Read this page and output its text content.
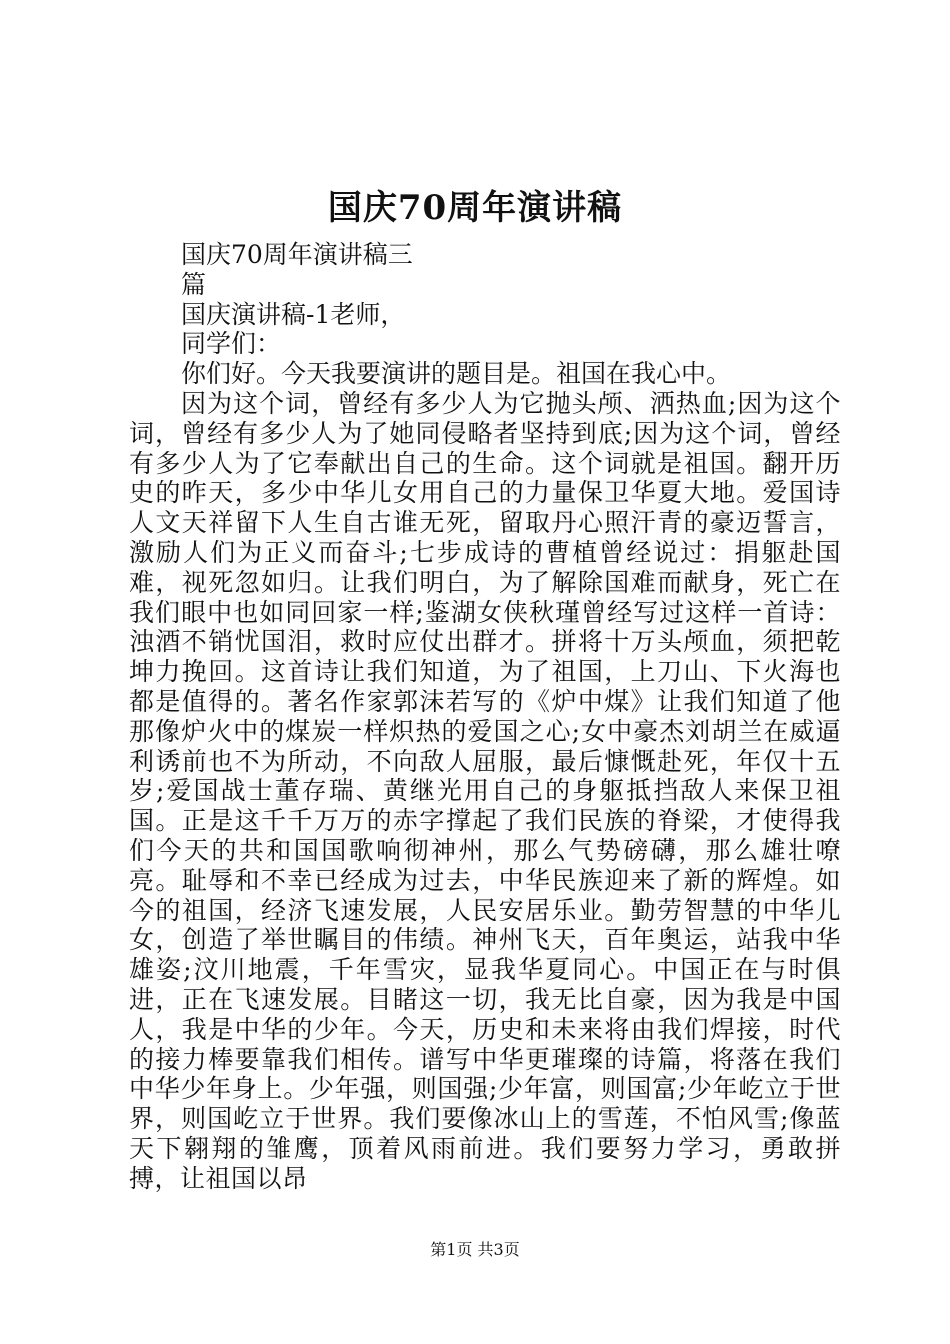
国庆70周年演讲稿
国庆70周年演讲稿三
篇
国庆演讲稿-1老师，
同学们：
你们好。今天我要演讲的题目是。祖国在我心中。
因为这个词，曾经有多少人为它抛头颅、洒热血;因为这个词，曾经有多少人为了她同侵略者坚持到底;因为这个词，曾经有多少人为了它奉献出自己的生命。这个词就是祖国。翻开历史的昨天，多少中华儿女用自己的力量保卫华夏大地。爱国诗人文天祥留下人生自古谁无死，留取丹心照汗青的豪迈誓言，激励人们为正义而奋斗;七步成诗的曹植曾经说过：捐躯赴国难，视死忽如归。让我们明白，为了解除国难而献身，死亡在我们眼中也如同回家一样;鉴湖女侠秋瑾曾经写过这样一首诗：浊酒不销忧国泪，救时应仗出群才。拼将十万头颅血，须把乾坤力挽回。这首诗让我们知道，为了祖国，上刀山、下火海也都是值得的。著名作家郭沫若写的《炉中煤》让我们知道了他那像炉火中的煤炭一样炽热的爱国之心;女中豪杰刘胡兰在威逼利诱前也不为所动，不向敌人屈服，最后慷慨赴死，年仅十五岁;爱国战士董存瑞、黄继光用自己的身躯抵挡敌人来保卫祖国。正是这千千万万的赤字撑起了我们民族的脊梁，才使得我们今天的共和国国歌响彻神州，那么气势磅礴，那么雄壮嘹亮。耻辱和不幸已经成为过去，中华民族迎来了新的辉煌。如今的祖国，经济飞速发展，人民安居乐业。勤劳智慧的中华儿女，创造了举世瞩目的伟绩。神州飞天，百年奥运，站我中华雄姿;汶川地震，千年雪灾，显我华夏同心。中国正在与时俱进，正在飞速发展。目睹这一切，我无比自豪，因为我是中国人，我是中华的少年。今天，历史和未来将由我们焊接，时代的接力棒要靠我们相传。谱写中华更璀璨的诗篇，将落在我们中华少年身上。少年强，则国强;少年富，则国富;少年屹立于世界，则国屹立于世界。我们要像冰山上的雪莲，不怕风雪;像蓝天下翱翔的雏鹰，顶着风雨前进。我们要努力学习，勇敢拼搏，让祖国以昂
第1页 共3页
